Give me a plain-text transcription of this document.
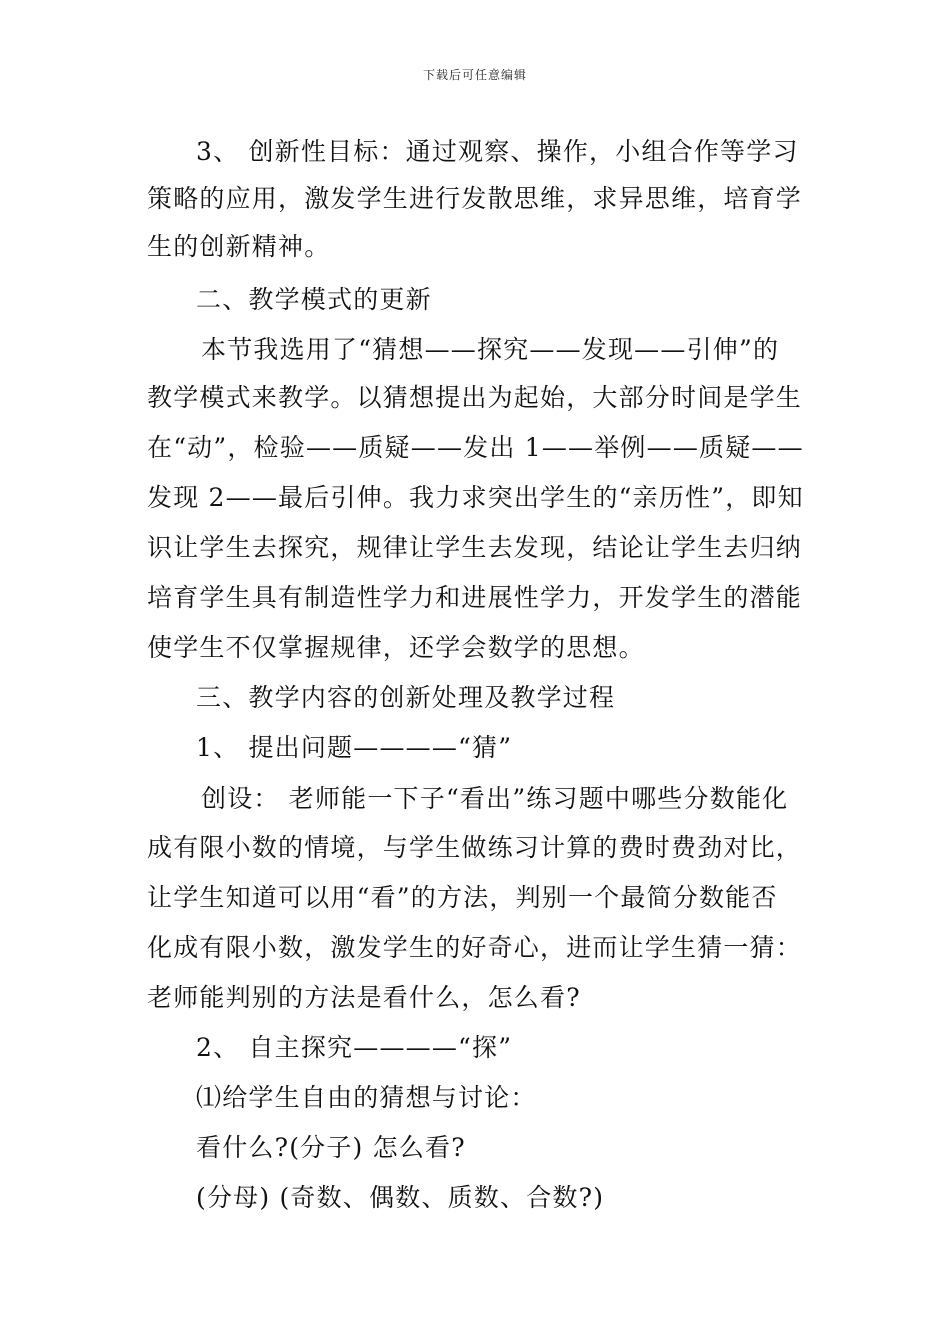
下载后可任意编辑
3、 创新性目标：通过观察、操作，小组合作等学习
策略的应用，激发学生进行发散思维，求异思维，培育学
生的创新精神。
二、教学模式的更新
本节我选用了“猜想——探究——发现——引伸”的
教学模式来教学。以猜想提出为起始，大部分时间是学生
在“动”，检验——质疑——发出 1——举例——质疑——
发现 2——最后引伸。我力求突出学生的“亲历性”，即知
识让学生去探究，规律让学生去发现，结论让学生去归纳
培育学生具有制造性学力和进展性学力，开发学生的潜能
使学生不仅掌握规律，还学会数学的思想。
三、教学内容的创新处理及教学过程
1、 提出问题————“猜”
创设： 老师能一下子“看出”练习题中哪些分数能化
成有限小数的情境，与学生做练习计算的费时费劲对比，
让学生知道可以用“看”的方法，判别一个最简分数能否
化成有限小数，激发学生的好奇心，进而让学生猜一猜：
老师能判别的方法是看什么，怎么看?
2、 自主探究————“探”
⑴给学生自由的猜想与讨论：
看什么?(分子) 怎么看?
(分母) (奇数、偶数、质数、合数?)
